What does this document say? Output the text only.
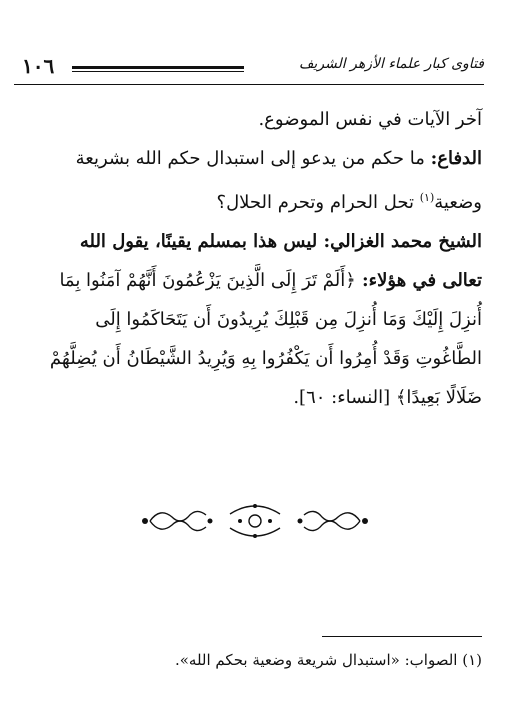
١٠٦	فتاوى كبار علماء الأزهر الشريف

آخر الآيات في نفس الموضوع.

الدفاع: ما حكم من يدعو إلى استبدال حكم الله بشريعة وضعية$^{(١)}$ تحل الحرام وتحرم الحلال؟

الشيخ محمد الغزالي: ليس هذا بمسلم يقينًا، يقول الله تعالى في هؤلاء: ﴿أَلَمْ تَرَ إِلَى الَّذِينَ يَزْعُمُونَ أَنَّهُمْ آمَنُوا بِمَا أُنزِلَ إِلَيْكَ وَمَا أُنزِلَ مِن قَبْلِكَ يُرِيدُونَ أَن يَتَحَاكَمُوا إِلَى الطَّاغُوتِ وَقَدْ أُمِرُوا أَن يَكْفُرُوا بِهِ وَيُرِيدُ الشَّيْطَانُ أَن يُضِلَّهُمْ ضَلَالًا بَعِيدًا﴾ [النساء: ٦٠].

(١) الصواب: «استبدال شريعة وضعية بحكم الله».
